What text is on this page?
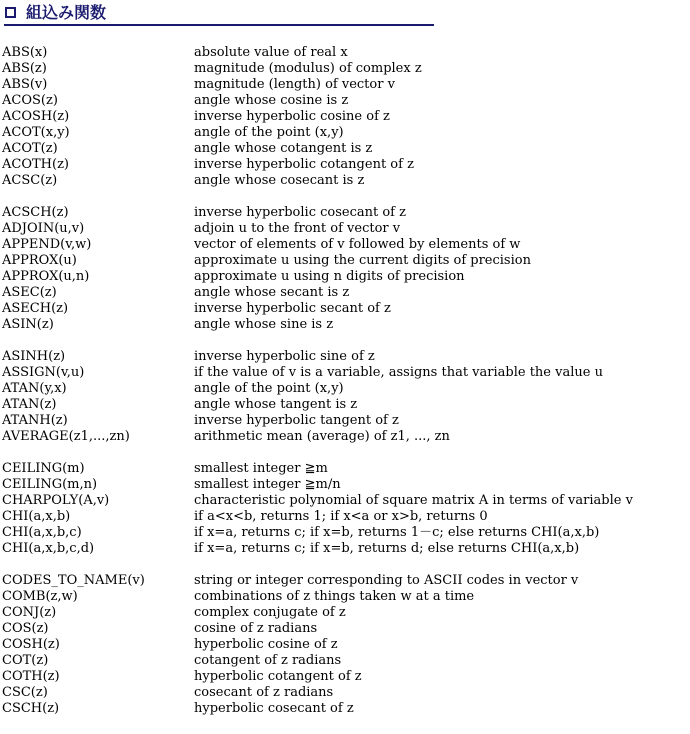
組込み関数
ABS(x)	absolute value of real x
ABS(z)	magnitude (modulus) of complex z
ABS(v)	magnitude (length) of vector v
ACOS(z)	angle whose cosine is z
ACOSH(z)	inverse hyperbolic cosine of z
ACOT(x,y)	angle of the point (x,y)
ACOT(z)	angle whose cotangent is z
ACOTH(z)	inverse hyperbolic cotangent of z
ACSC(z)	angle whose cosecant is z
ACSCH(z)	inverse hyperbolic cosecant of z
ADJOIN(u,v)	adjoin u to the front of vector v
APPEND(v,w)	vector of elements of v followed by elements of w
APPROX(u)	approximate u using the current digits of precision
APPROX(u,n)	approximate u using n digits of precision
ASEC(z)	angle whose secant is z
ASECH(z)	inverse hyperbolic secant of z
ASIN(z)	angle whose sine is z
ASINH(z)	inverse hyperbolic sine of z
ASSIGN(v,u)	if the value of v is a variable, assigns that variable the value u
ATAN(y,x)	angle of the point (x,y)
ATAN(z)	angle whose tangent is z
ATANH(z)	inverse hyperbolic tangent of z
AVERAGE(z1,...,zn)	arithmetic mean (average) of z1, ..., zn
CEILING(m)	smallest integer ≧m
CEILING(m,n)	smallest integer ≧m/n
CHARPOLY(A,v)	characteristic polynomial of square matrix A in terms of variable v
CHI(a,x,b)	if a<x<b, returns 1; if x<a or x>b, returns 0
CHI(a,x,b,c)	if x=a, returns c; if x=b, returns 1－c; else returns CHI(a,x,b)
CHI(a,x,b,c,d)	if x=a, returns c; if x=b, returns d; else returns CHI(a,x,b)
CODES_TO_NAME(v)	string or integer corresponding to ASCII codes in vector v
COMB(z,w)	combinations of z things taken w at a time
CONJ(z)	complex conjugate of z
COS(z)	cosine of z radians
COSH(z)	hyperbolic cosine of z
COT(z)	cotangent of z radians
COTH(z)	hyperbolic cotangent of z
CSC(z)	cosecant of z radians
CSCH(z)	hyperbolic cosecant of z
